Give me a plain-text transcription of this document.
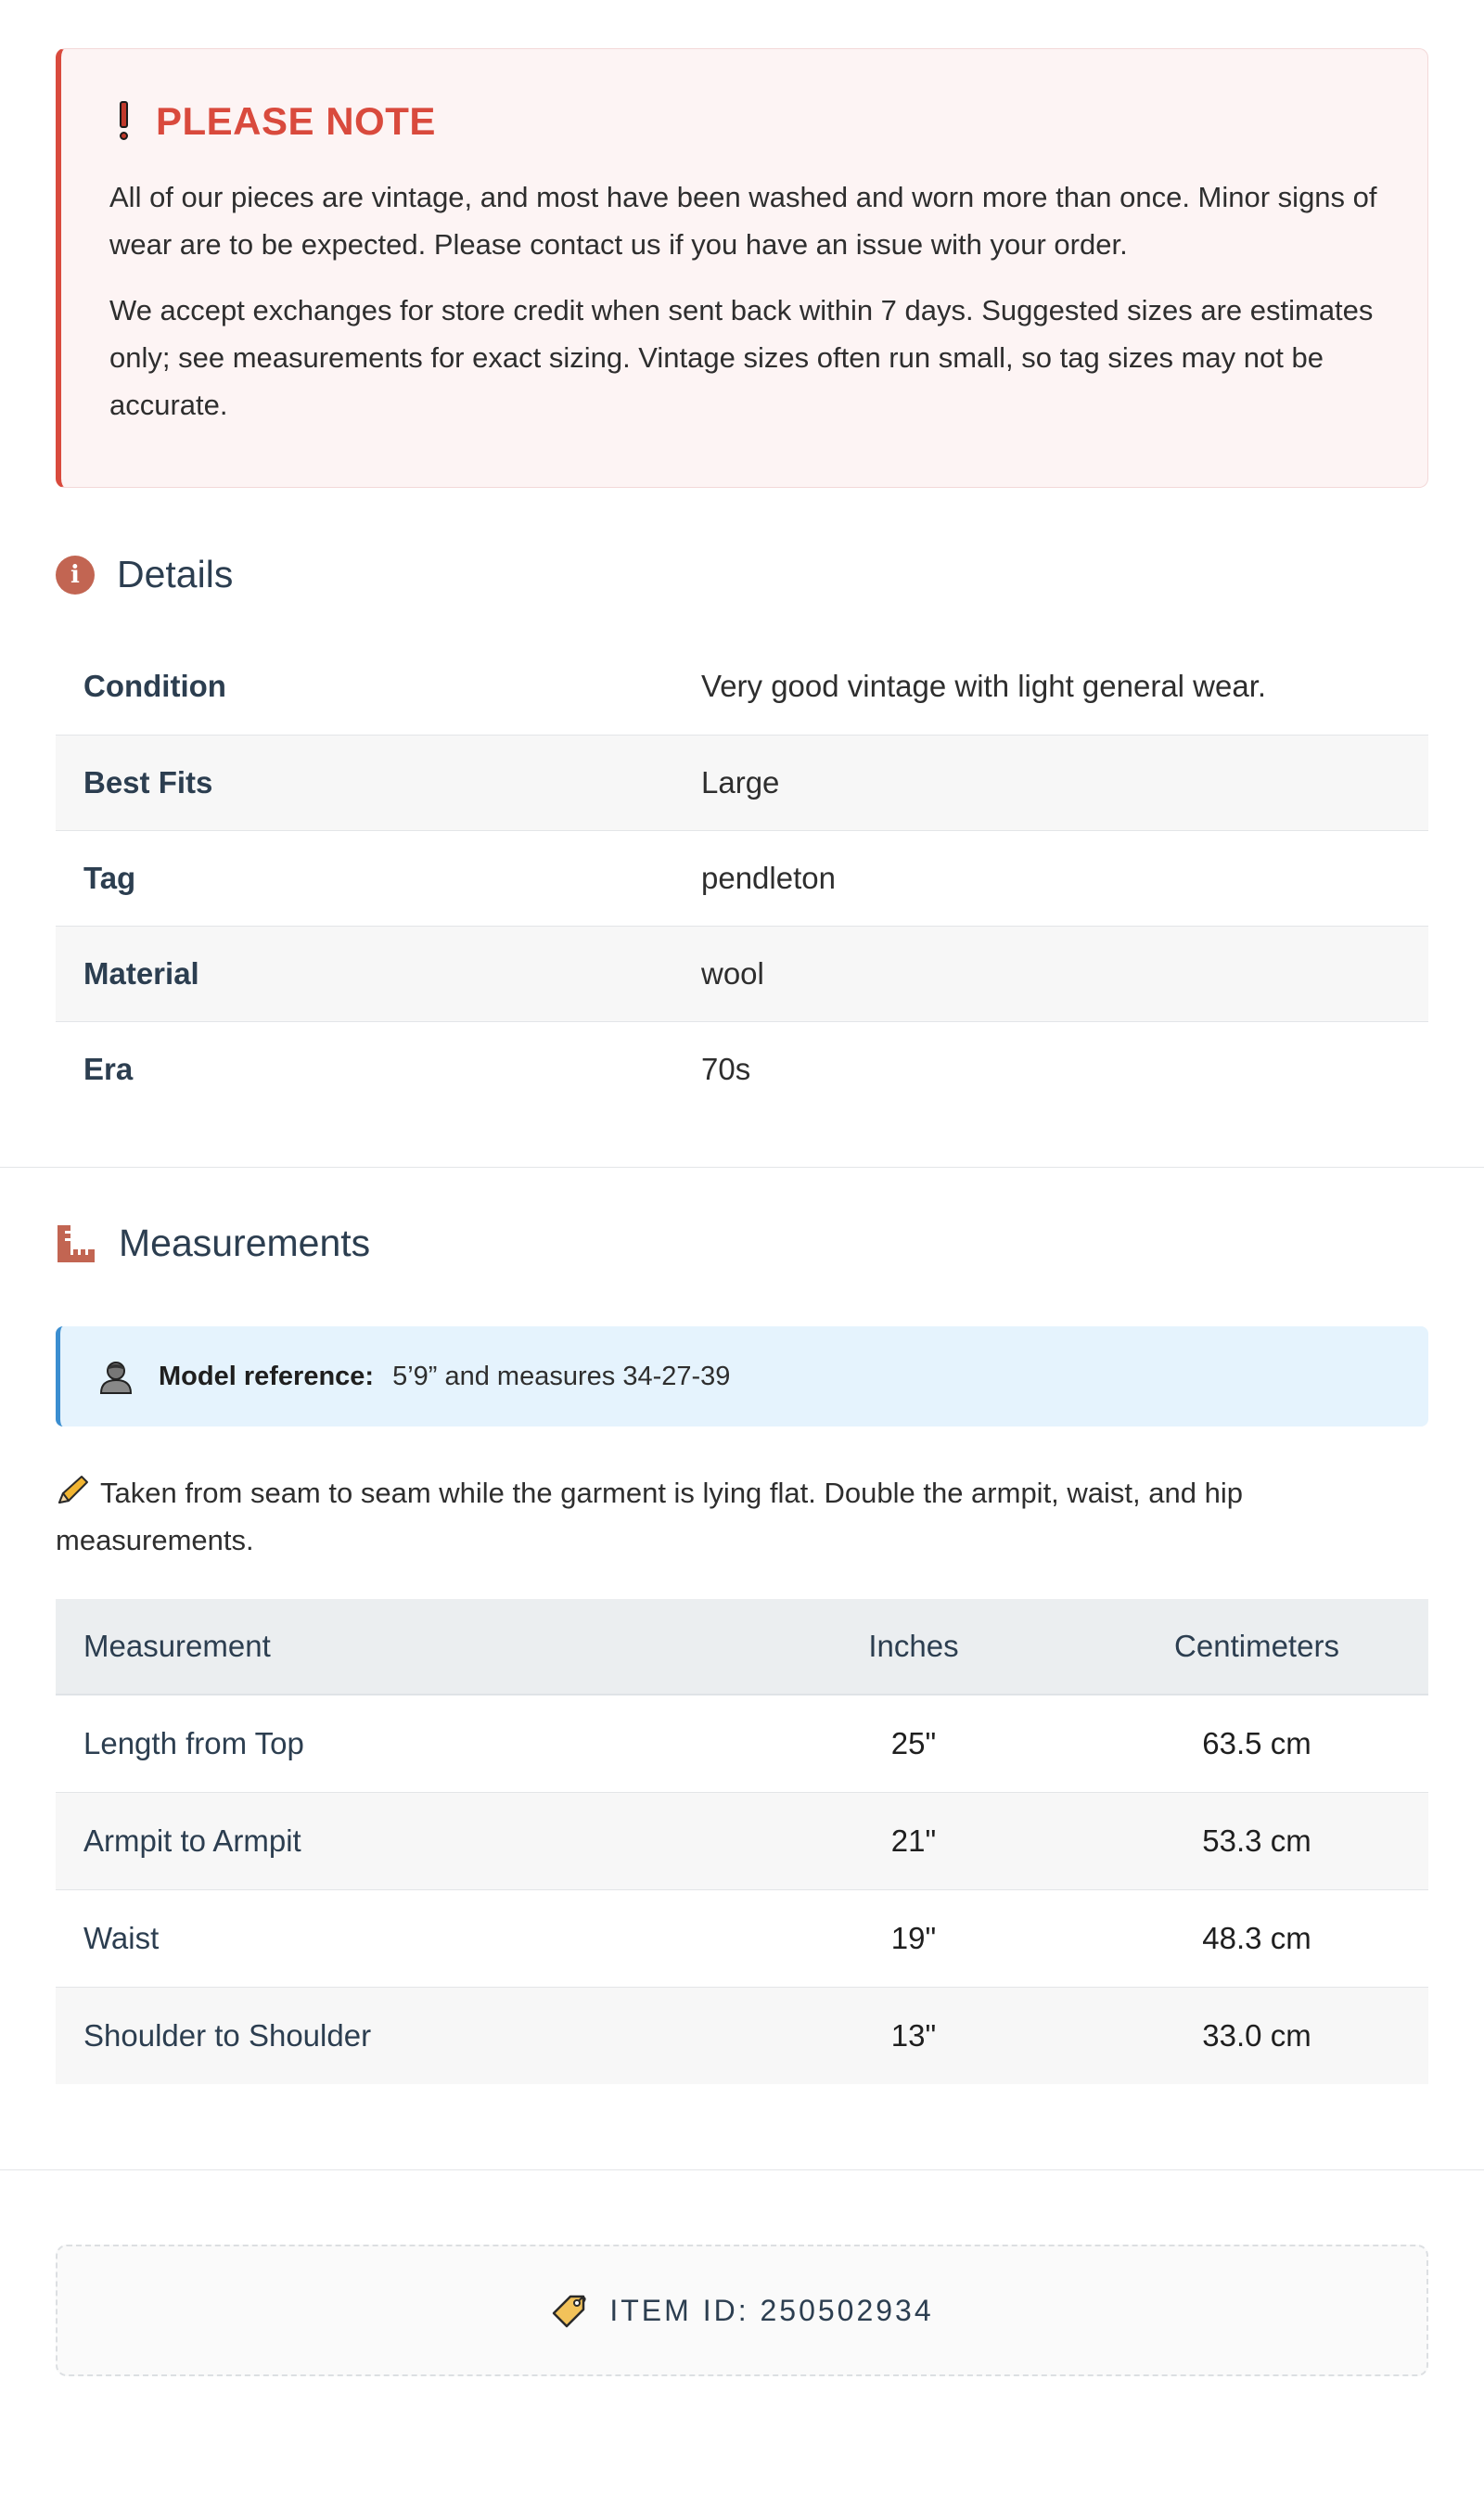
PLEASE NOTE

All of our pieces are vintage, and most have been washed and worn more than once. Minor signs of wear are to be expected. Please contact us if you have an issue with your order.

We accept exchanges for store credit when sent back within 7 days. Suggested sizes are estimates only; see measurements for exact sizing. Vintage sizes often run small, so tag sizes may not be accurate.

i Details
Condition	Very good vintage with light general wear.
Best Fits	Large
Tag	pendleton
Material	wool
Era	70s
Measurements
Model reference: 5’9” and measures 34-27-39
Taken from seam to seam while the garment is lying flat. Double the armpit, waist, and hip measurements.
Measurement	Inches	Centimeters
Length from Top	25"	63.5 cm
Armpit to Armpit	21"	53.3 cm
Waist	19"	48.3 cm
Shoulder to Shoulder	13"	33.0 cm
ITEM ID: 250502934
